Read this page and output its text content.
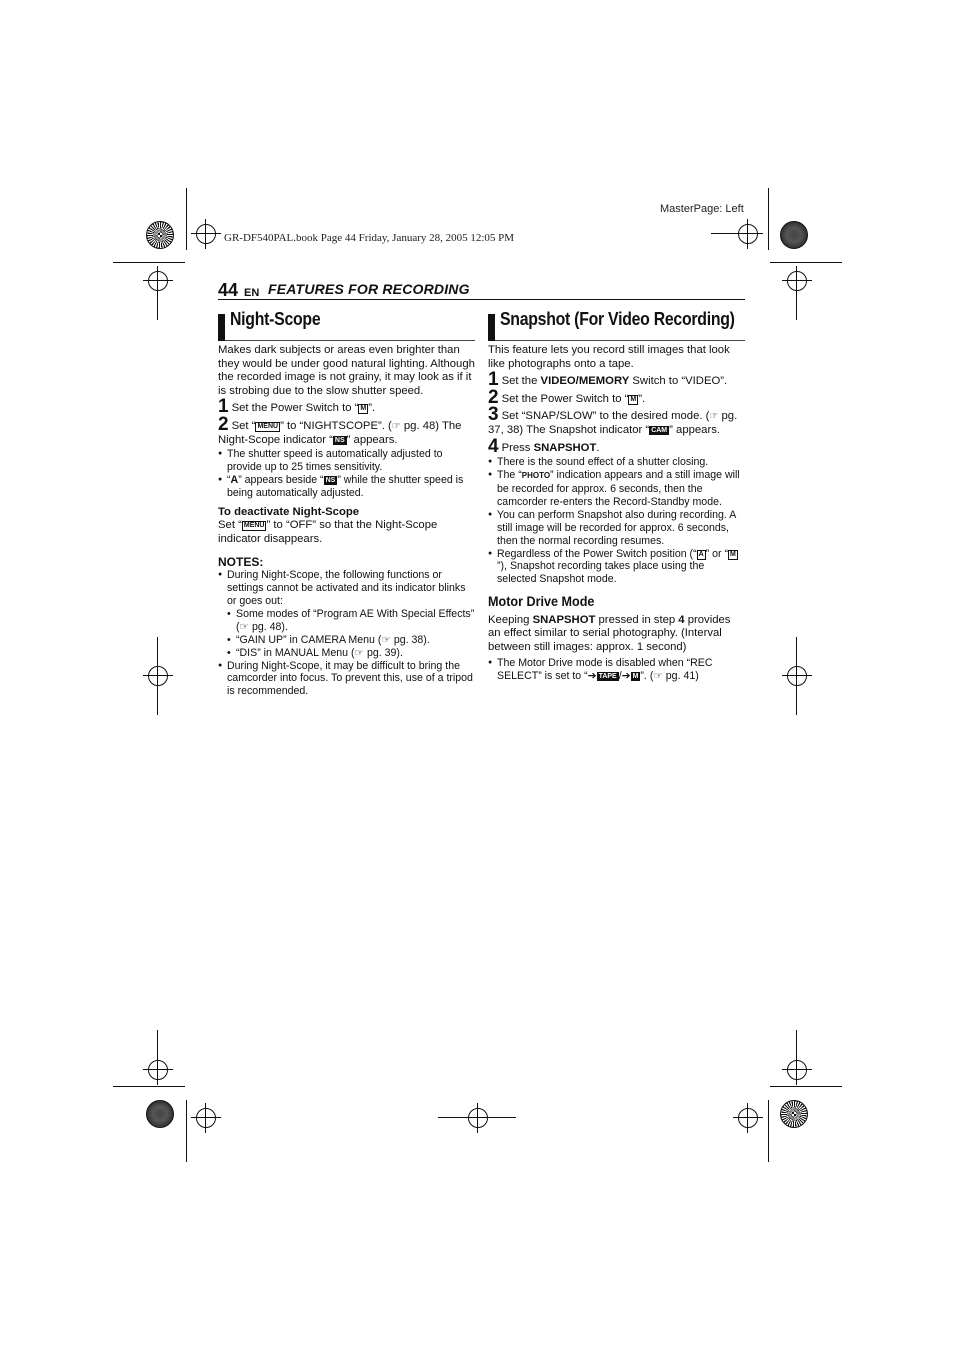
MasterPage: Left
GR-DF540PAL.book Page 44 Friday, January 28, 2005 12:05 PM
44 EN FEATURES FOR RECORDING
Night-Scope

Makes dark subjects or areas even brighter than they would be under good natural lighting. Although the recorded image is not grainy, it may look as if it is strobing due to the slow shutter speed.

1 Set the Power Switch to “ M ”.
2 Set “ MENU ” to “NIGHTSCOPE”. (☞ pg. 48) The Night-Scope indicator “ NS ” appears.

● The shutter speed is automatically adjusted to provide up to 25 times sensitivity.

● “A” appears beside “ NS ” while the shutter speed is being automatically adjusted.

To deactivate Night-Scope

Set “ MENU ” to “OFF” so that the Night-Scope indicator disappears.

NOTES:

● During Night-Scope, the following functions or settings cannot be activated and its indicator blinks or goes out:

• Some modes of “Program AE With Special Effects” (☞ pg. 48).

• “GAIN UP” in CAMERA Menu (☞ pg. 38).

• “DIS” in MANUAL Menu (☞ pg. 39).

● During Night-Scope, it may be difficult to bring the camcorder into focus. To prevent this, use of a tripod is recommended.

Snapshot (For Video Recording)

This feature lets you record still images that look like photographs onto a tape.

1 Set the VIDEO/MEMORY Switch to “VIDEO”.
2 Set the Power Switch to “ M ”.
3 Set “SNAP/SLOW” to the desired mode. (☞ pg. 37, 38) The Snapshot indicator “ CAM ” appears.
4 Press SNAPSHOT.

● There is the sound effect of a shutter closing.

● The “PHOTO” indication appears and a still image will be recorded for approx. 6 seconds, then the camcorder re-enters the Record-Standby mode.

● You can perform Snapshot also during recording. A still image will be recorded for approx. 6 seconds, then the normal recording resumes.

● Regardless of the Power Switch position (“ A ” or “ M”), Snapshot recording takes place using the selected Snapshot mode.

Motor Drive Mode

Keeping SNAPSHOT pressed in step 4 provides an effect similar to serial photography. (Interval between still images: approx. 1 second)

● The Motor Drive mode is disabled when “REC SELECT” is set to “➔ TAPE /➔ M ”. (☞ pg. 41)
